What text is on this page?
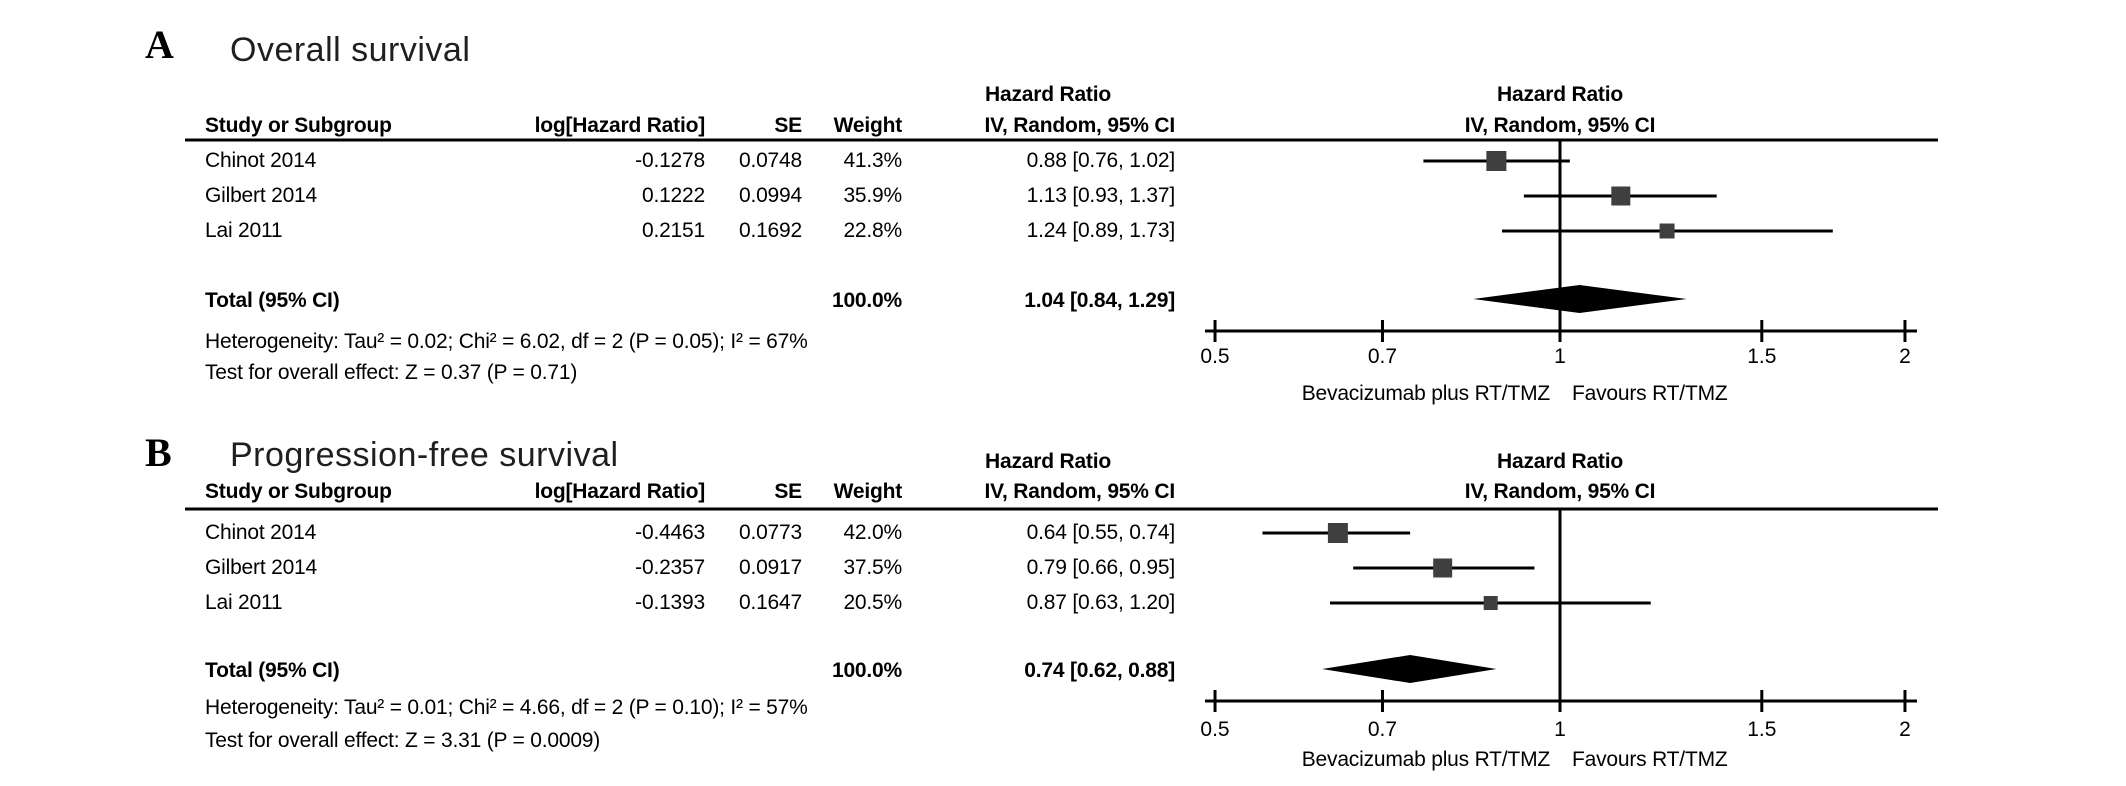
0.5	0.7	1	1.5	2
0.5	0.7	1	1.5	2
A	Overall survival
Hazard Ratio	Hazard Ratio
Study or Subgroup	log[Hazard Ratio]	SE	Weight	IV, Random, 95% CI	IV, Random, 95% CI
Chinot 2014	-0.1278	0.0748	41.3%	0.88 [0.76, 1.02]
Gilbert 2014	0.1222	0.0994	35.9%	1.13 [0.93, 1.37]
Lai 2011	0.2151	0.1692	22.8%	1.24 [0.89, 1.73]
Total (95% CI)	100.0%	1.04 [0.84, 1.29]
Heterogeneity: Tau² = 0.02; Chi² = 6.02, df = 2 (P = 0.05); I² = 67%
Test for overall effect: Z = 0.37 (P = 0.71)
Bevacizumab plus RT/TMZ Favours RT/TMZ
B	Progression-free survival	Hazard Ratio	Hazard Ratio
Study or Subgroup	log[Hazard Ratio]	SE	Weight	IV, Random, 95% CI	IV, Random, 95% CI
Chinot 2014	-0.4463	0.0773	42.0%	0.64 [0.55, 0.74]
Gilbert 2014	-0.2357	0.0917	37.5%	0.79 [0.66, 0.95]
Lai 2011	-0.1393	0.1647	20.5%	0.87 [0.63, 1.20]
Total (95% CI)	100.0%	0.74 [0.62, 0.88]
Heterogeneity: Tau² = 0.01; Chi² = 4.66, df = 2 (P = 0.10); I² = 57%
Test for overall effect: Z = 3.31 (P = 0.0009)
Bevacizumab plus RT/TMZ Favours RT/TMZ
